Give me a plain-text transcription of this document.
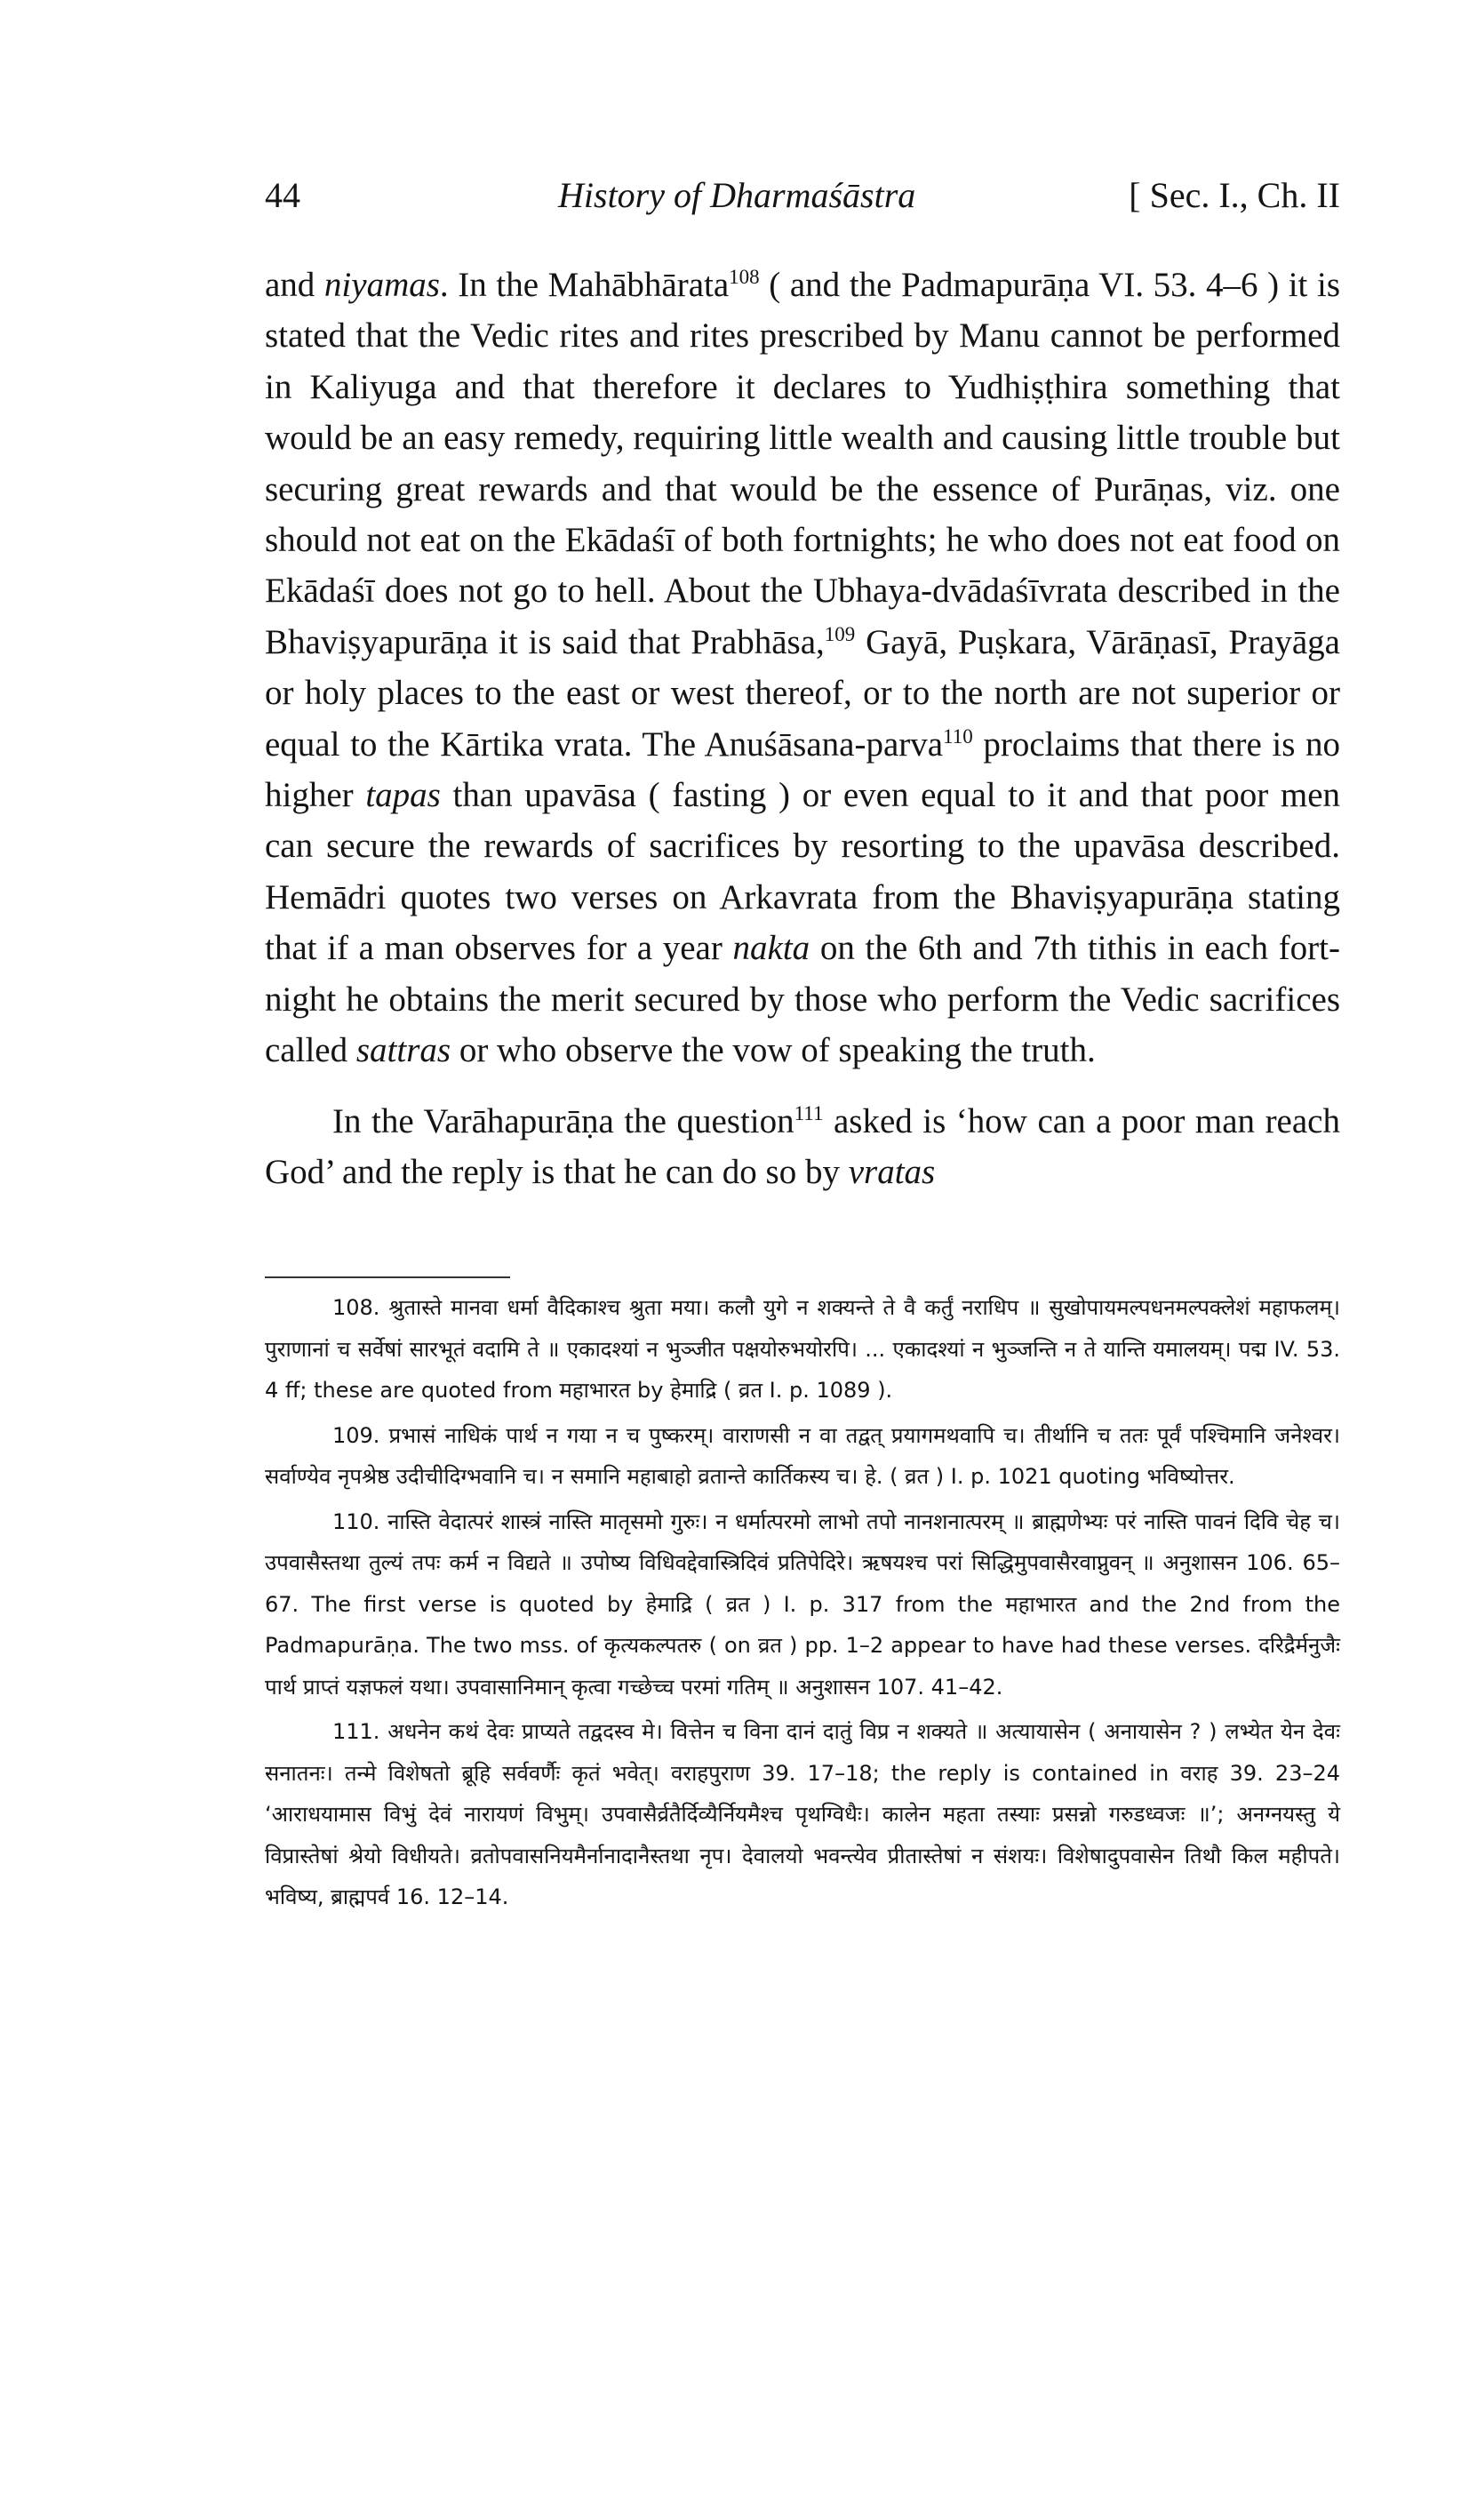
44	History of Dharmaśāstra	[ Sec. I., Ch. II

and niyamas. In the Mahābhārata$^{108}$ ( and the Padmapurāṇa VI. 53. 4–6 ) it is stated that the Vedic rites and rites prescribed by Manu cannot be performed in Kaliyuga and that therefore it declares to Yudhiṣṭhira something that would be an easy remedy, requiring little wealth and causing little trouble but securing great rewards and that would be the essence of Purāṇas, viz. one should not eat on the Ekādaśī of both fortnights; he who does not eat food on Ekādaśī does not go to hell. About the Ubhaya-dvādaśīvrata described in the Bhaviṣyapurāṇa it is said that Prabhāsa,$^{109}$ Gayā, Puṣkara, Vārāṇasī, Prayāga or holy places to the east or west thereof, or to the north are not superior or equal to the Kārtika vrata. The Anuśāsana-parva$^{110}$ proclaims that there is no higher tapas than upavāsa ( fasting ) or even equal to it and that poor men can secure the rewards of sacrifices by resorting to the upavāsa described. Hemādri quotes two verses on Arkavrata from the Bhaviṣyapurāṇa stating that if a man observes for a year nakta on the 6th and 7th tithis in each fort-night he obtains the merit secured by those who perform the Vedic sacrifices called sattras or who observe the vow of speaking the truth.

In the Varāhapurāṇa the question$^{111}$ asked is ‘how can a poor man reach God’ and the reply is that he can do so by vratas

108. श्रुतास्ते मानवा धर्मा वैदिकाश्च श्रुता मया। कलौ युगे न शक्यन्ते ते वै कर्तुं नराधिप ॥ सुखोपायमल्पधनमल्पक्लेशं महाफलम्। पुराणानां च सर्वेषां सारभूतं वदामि ते ॥ एकादश्यां न भुञ्जीत पक्षयोरुभयोरपि। ... एकादश्यां न भुञ्जन्ति न ते यान्ति यमालयम्। पद्म IV. 53. 4 ff; these are quoted from महाभारत by हेमाद्रि ( व्रत I. p. 1089 ).

109. प्रभासं नाधिकं पार्थ न गया न च पुष्करम्। वाराणसी न वा तद्वत् प्रयागमथवापि च। तीर्थानि च ततः पूर्वं पश्चिमानि जनेश्वर। सर्वाण्येव नृपश्रेष्ठ उदीचीदिग्भवानि च। न समानि महाबाहो व्रतान्ते कार्तिकस्य च। हे. ( व्रत ) I. p. 1021 quoting भविष्योत्तर.

110. नास्ति वेदात्परं शास्त्रं नास्ति मातृसमो गुरुः। न धर्मात्परमो लाभो तपो नानशनात्परम् ॥ ब्राह्मणेभ्यः परं नास्ति पावनं दिवि चेह च। उपवासैस्तथा तुल्यं तपः कर्म न विद्यते ॥ उपोष्य विधिवद्देवास्त्रिदिवं प्रतिपेदिरे। ऋषयश्च परां सिद्धिमुपवासैरवाप्नुवन् ॥ अनुशासन 106. 65–67. The first verse is quoted by हेमाद्रि ( व्रत ) I. p. 317 from the महाभारत and the 2nd from the Padmapurāṇa. The two mss. of कृत्यकल्पतरु ( on व्रत ) pp. 1–2 appear to have had these verses. दरिद्रैर्मनुजैः पार्थ प्राप्तं यज्ञफलं यथा। उपवासानिमान् कृत्वा गच्छेच्च परमां गतिम् ॥ अनुशासन 107. 41–42.

111. अधनेन कथं देवः प्राप्यते तद्वदस्व मे। वित्तेन च विना दानं दातुं विप्र न शक्यते ॥ अत्यायासेन ( अनायासेन ? ) लभ्येत येन देवः सनातनः। तन्मे विशेषतो ब्रूहि सर्ववर्णैः कृतं भवेत्। वराहपुराण 39. 17–18; the reply is contained in वराह 39. 23–24 ‘आराधयामास विभुं देवं नारायणं विभुम्। उपवासैर्व्रतैर्दिव्यैर्नियमैश्च पृथग्विधैः। कालेन महता तस्याः प्रसन्नो गरुडध्वजः ॥’; अनग्नयस्तु ये विप्रास्तेषां श्रेयो विधीयते। व्रतोपवासनियमैर्नानादानैस्तथा नृप। देवालयो भवन्त्येव प्रीतास्तेषां न संशयः। विशेषादुपवासेन तिथौ किल महीपते। भविष्य, ब्राह्मपर्व 16. 12–14.
